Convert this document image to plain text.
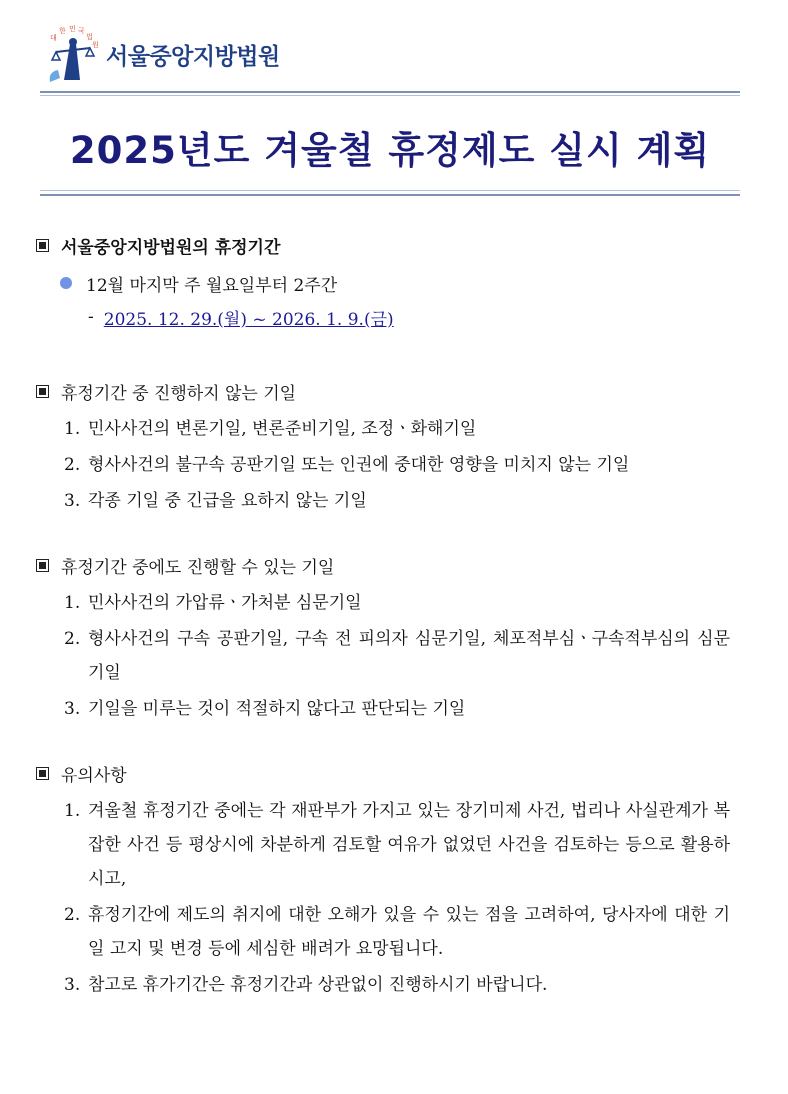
대
한 민 국
법
원 서울중앙지방법원
2025년도 겨울철 휴정제도 실시 계획
서울중앙지방법원의 휴정기간
12월 마지막 주 월요일부터 2주간
- 2025. 12. 29.(월) ~ 2026. 1. 9.(금)
휴정기간 중 진행하지 않는 기일
1. 민사사건의 변론기일, 변론준비기일, 조정ㆍ화해기일
2. 형사사건의 불구속 공판기일 또는 인권에 중대한 영향을 미치지 않는 기일
3. 각종 기일 중 긴급을 요하지 않는 기일
휴정기간 중에도 진행할 수 있는 기일
1. 민사사건의 가압류ㆍ가처분 심문기일
2. 형사사건의 구속 공판기일, 구속 전 피의자 심문기일, 체포적부심ㆍ구속적부심의 심문기일
3. 기일을 미루는 것이 적절하지 않다고 판단되는 기일
유의사항
1. 겨울철 휴정기간 중에는 각 재판부가 가지고 있는 장기미제 사건, 법리나 사실관계가 복잡한 사건 등 평상시에 차분하게 검토할 여유가 없었던 사건을 검토하는 등으로 활용하시고,
2. 휴정기간에 제도의 취지에 대한 오해가 있을 수 있는 점을 고려하여, 당사자에 대한 기일 고지 및 변경 등에 세심한 배려가 요망됩니다.
3. 참고로 휴가기간은 휴정기간과 상관없이 진행하시기 바랍니다.
